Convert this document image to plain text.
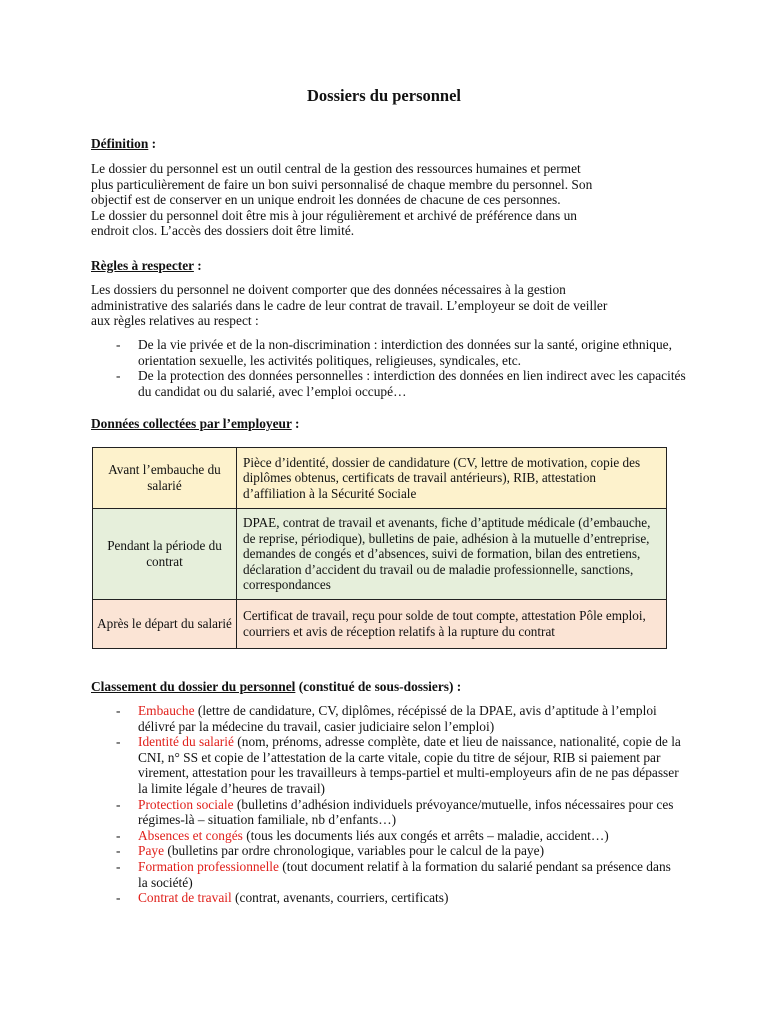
Dossiers du personnel
Définition :

Le dossier du personnel est un outil central de la gestion des ressources humaines et permet

plus particulièrement de faire un bon suivi personnalisé de chaque membre du personnel. Son

objectif est de conserver en un unique endroit les données de chacune de ces personnes.

Le dossier du personnel doit être mis à jour régulièrement et archivé de préférence dans un

endroit clos. L’accès des dossiers doit être limité.

Règles à respecter :

Les dossiers du personnel ne doivent comporter que des données nécessaires à la gestion

administrative des salariés dans le cadre de leur contrat de travail. L’employeur se doit de veiller

aux règles relatives au respect :

- De la vie privée et de la non-discrimination : interdiction des données sur la santé, origine ethnique, orientation sexuelle, les activités politiques, religieuses, syndicales, etc.
- De la protection des données personnelles : interdiction des données en lien indirect avec les capacités du candidat ou du salarié, avec l’emploi occupé…
Données collectées par l’employeur :
Avant l’embauche du salarié	Pièce d’identité, dossier de candidature (CV, lettre de motivation, copie des diplômes obtenus, certificats de travail antérieurs), RIB, attestation d’affiliation à la Sécurité Sociale
Pendant la période du contrat	DPAE, contrat de travail et avenants, fiche d’aptitude médicale (d’embauche, de reprise, périodique), bulletins de paie, adhésion à la mutuelle d’entreprise, demandes de congés et d’absences, suivi de formation, bilan des entretiens, déclaration d’accident du travail ou de maladie professionnelle, sanctions, correspondances
Après le départ du salarié	Certificat de travail, reçu pour solde de tout compte, attestation Pôle emploi, courriers et avis de réception relatifs à la rupture du contrat
Classement du dossier du personnel (constitué de sous-dossiers) :
- Embauche (lettre de candidature, CV, diplômes, récépissé de la DPAE, avis d’aptitude à l’emploi délivré par la médecine du travail, casier judiciaire selon l’emploi)
- Identité du salarié (nom, prénoms, adresse complète, date et lieu de naissance, nationalité, copie de la CNI, n° SS et copie de l’attestation de la carte vitale, copie du titre de séjour, RIB si paiement par virement, attestation pour les travailleurs à temps-partiel et multi-employeurs afin de ne pas dépasser la limite légale d’heures de travail)
- Protection sociale (bulletins d’adhésion individuels prévoyance/mutuelle, infos nécessaires pour ces régimes-là – situation familiale, nb d’enfants…)
- Absences et congés (tous les documents liés aux congés et arrêts – maladie, accident…)
- Paye (bulletins par ordre chronologique, variables pour le calcul de la paye)
- Formation professionnelle (tout document relatif à la formation du salarié pendant sa présence dans la société)
- Contrat de travail (contrat, avenants, courriers, certificats)
